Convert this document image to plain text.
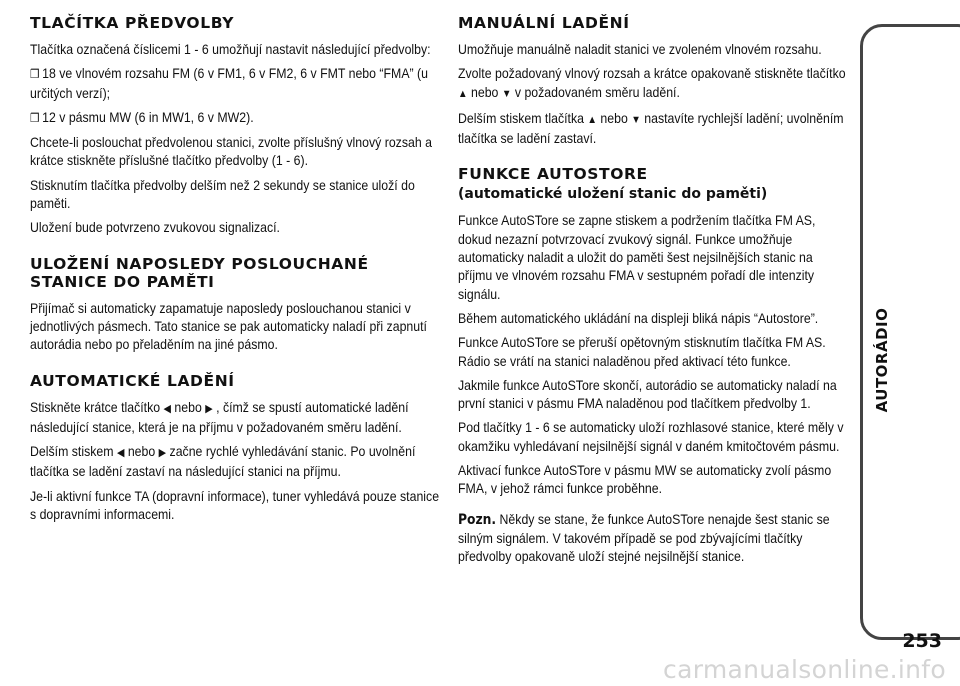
TLAČÍTKA PŘEDVOLBY

Tlačítka označená číslicemi 1 - 6 umožňují nastavit následující předvolby:

❒ 18 ve vlnovém rozsahu FM (6 v FM1, 6 v FM2, 6 v FMT nebo “FMA” (u určitých verzí);

❒ 12 v pásmu MW (6 in MW1, 6 v MW2).

Chcete-li poslouchat předvolenou stanici, zvolte příslušný vlnový rozsah a krátce stiskněte příslušné tlačítko předvolby (1 - 6).

Stisknutím tlačítka předvolby delším než 2 sekundy se stanice uloží do paměti.

Uložení bude potvrzeno zvukovou signalizací.

ULOŽENÍ NAPOSLEDY POSLOUCHANÉ STANICE DO PAMĚTI

Přijímač si automaticky zapamatuje naposledy poslouchanou stanici v jednotlivých pásmech. Tato stanice se pak automaticky naladí při zapnutí autorádia nebo po přeladěním na jiné pásmo.

AUTOMATICKÉ LADĚNÍ

Stiskněte krátce tlačítko ◀ nebo ▶ , čímž se spustí automatické ladění následující stanice, která je na příjmu v požadovaném směru ladění.

Delším stiskem ◀ nebo ▶ začne rychlé vyhledávání stanic. Po uvolnění tlačítka se ladění zastaví na následující stanici na příjmu.

Je-li aktivní funkce TA (dopravní informace), tuner vyhledává pouze stanice s dopravními informacemi.

MANUÁLNÍ LADĚNÍ

Umožňuje manuálně naladit stanici ve zvoleném vlnovém rozsahu.

Zvolte požadovaný vlnový rozsah a krátce opakovaně stiskněte tlačítko ▲ nebo ▼ v požadovaném směru ladění.

Delším stiskem tlačítka ▲ nebo ▼ nastavíte rychlejší ladění; uvolněním tlačítka se ladění zastaví.

FUNKCE AUTOSTORE
(automatické uložení stanic do paměti)

Funkce AutoSTore se zapne stiskem a podržením tlačítka FM AS, dokud nezazní potvrzovací zvukový signál. Funkce umožňuje automaticky naladit a uložit do paměti šest nejsilnějších stanic na příjmu ve vlnovém rozsahu FMA v sestupném pořadí dle intenzity signálu.

Během automatického ukládání na displeji bliká nápis “Autostore”.

Funkce AutoSTore se přeruší opětovným stisknutím tlačítka FM AS. Rádio se vrátí na stanici naladěnou před aktivací této funkce.

Jakmile funkce AutoSTore skončí, autorádio se automaticky naladí na první stanici v pásmu FMA naladěnou pod tlačítkem předvolby 1.

Pod tlačítky 1 - 6 se automaticky uloží rozhlasové stanice, které měly v okamžiku vyhledávaní nejsilnější signál v daném kmitočtovém pásmu.

Aktivací funkce AutoSTore v pásmu MW se automaticky zvolí pásmo FMA, v jehož rámci funkce proběhne.

Pozn. Někdy se stane, že funkce AutoSTore nenajde šest stanic se silným signálem. V takovém případě se pod zbývajícími tlačítky předvolby opakovaně uloží stejné nejsilnější stanice.

AUTORÁDIO
253
carmanualsonline.info
